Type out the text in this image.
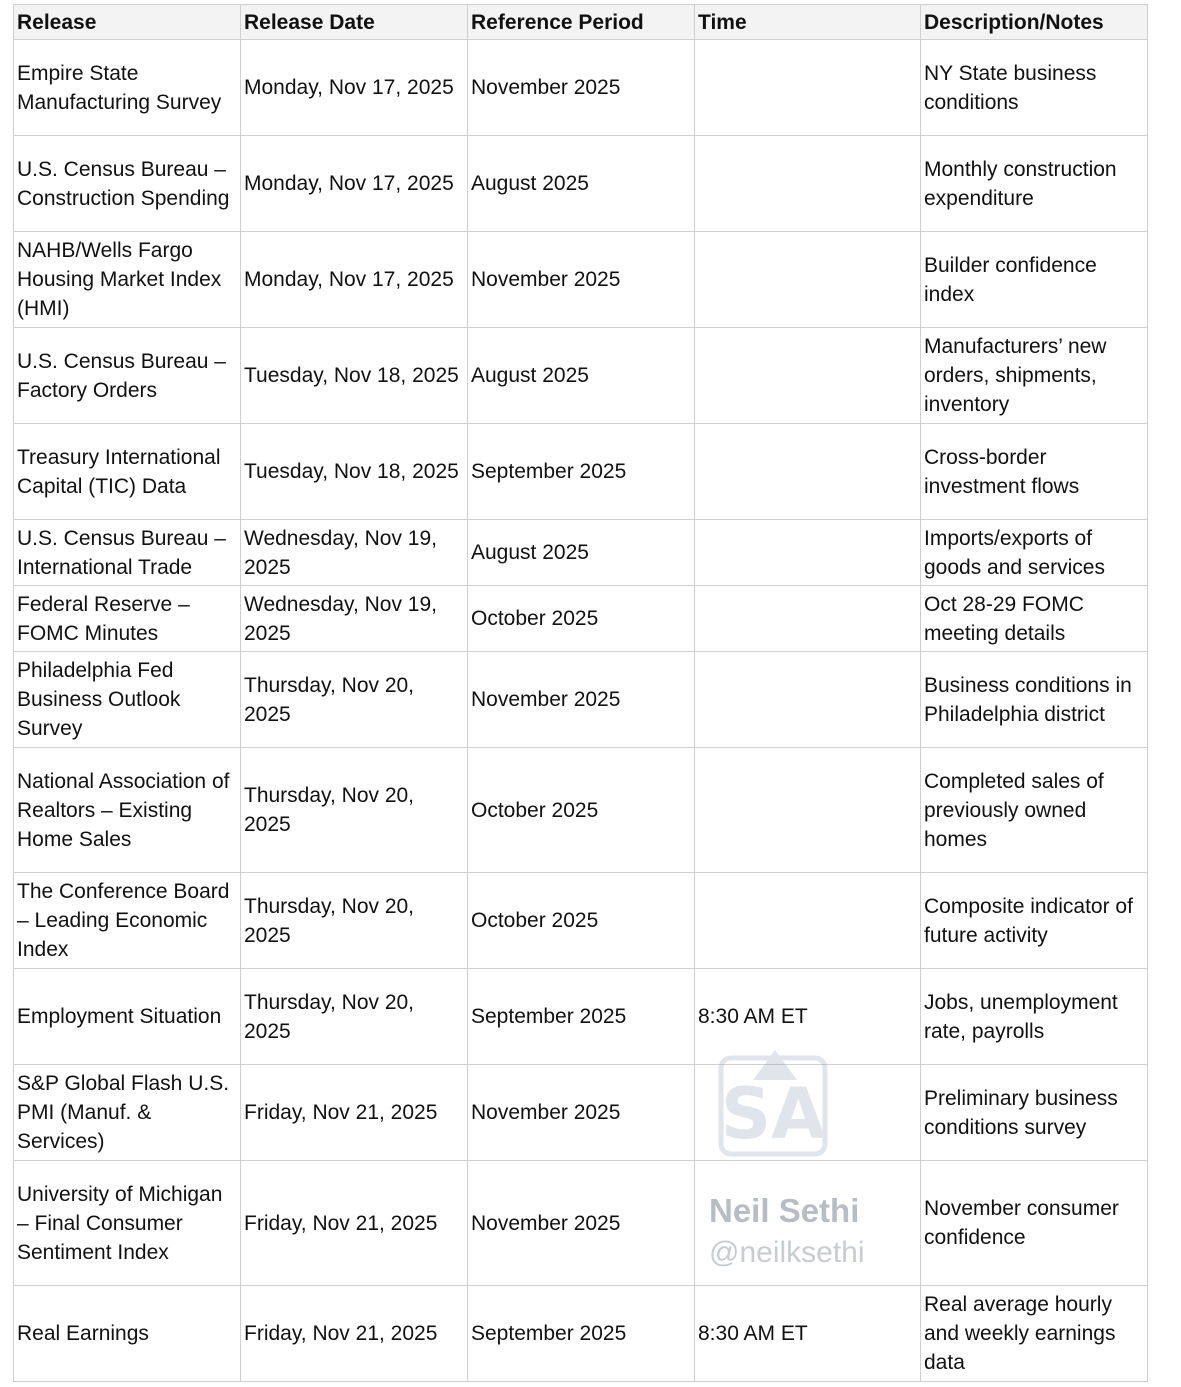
Release	Release Date	Reference Period	Time	Description/Notes
Empire State Manufacturing Survey	Monday, Nov 17, 2025	November 2025		NY State business conditions
U.S. Census Bureau – Construction Spending	Monday, Nov 17, 2025	August 2025		Monthly construction expenditure
NAHB/Wells Fargo Housing Market Index (HMI)	Monday, Nov 17, 2025	November 2025		Builder confidence index
U.S. Census Bureau – Factory Orders	Tuesday, Nov 18, 2025	August 2025		Manufacturers’ new orders, shipments, inventory
Treasury International Capital (TIC) Data	Tuesday, Nov 18, 2025	September 2025		Cross-border investment flows
U.S. Census Bureau – International Trade	Wednesday, Nov 19, 2025	August 2025		Imports/exports of goods and services
Federal Reserve – FOMC Minutes	Wednesday, Nov 19, 2025	October 2025		Oct 28-29 FOMC meeting details
Philadelphia Fed Business Outlook Survey	Thursday, Nov 20, 2025	November 2025		Business conditions in Philadelphia district
National Association of Realtors – Existing Home Sales	Thursday, Nov 20, 2025	October 2025		Completed sales of previously owned homes
The Conference Board – Leading Economic Index	Thursday, Nov 20, 2025	October 2025		Composite indicator of future activity
Employment Situation	Thursday, Nov 20, 2025	September 2025	8:30 AM ET	Jobs, unemployment rate, payrolls
S&P Global Flash U.S. PMI (Manuf. & Services)	Friday, Nov 21, 2025	November 2025		Preliminary business conditions survey
University of Michigan – Final Consumer Sentiment Index	Friday, Nov 21, 2025	November 2025		November consumer confidence
Real Earnings	Friday, Nov 21, 2025	September 2025	8:30 AM ET	Real average hourly and weekly earnings data
SA
Neil Sethi
@neilksethi
